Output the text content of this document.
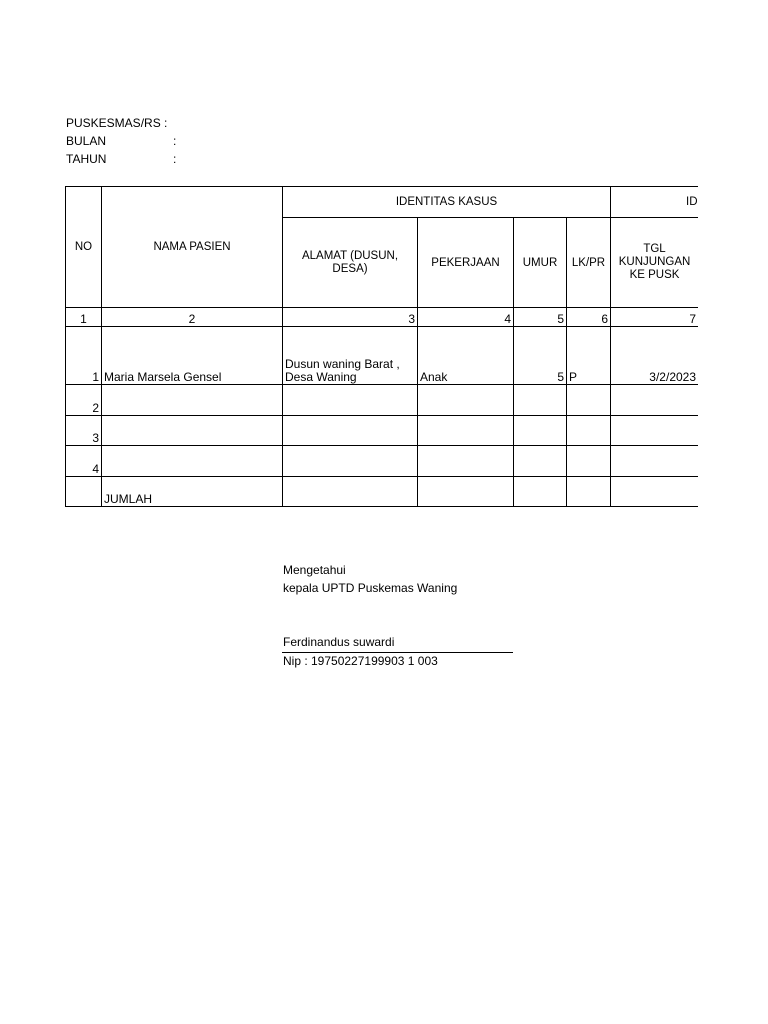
PUSKESMAS/RS :
BULAN	:
TAHUN	:
NO	NAMA PASIEN	IDENTITAS KASUS				ID	
		ALAMAT (DUSUN, DESA)	PEKERJAAN	UMUR	LK/PR	TGL KUNJUNGAN KE PUSK	
1	2	3	4	5	6	7	
1	Maria Marsela Gensel	Dusun waning Barat , Desa Waning	Anak	5	P	3/2/2023	
2							
3							
4							
	JUMLAH						
Mengetahui
kepala UPTD Puskemas Waning
Ferdinandus suwardi
Nip : 19750227199903 1 003
